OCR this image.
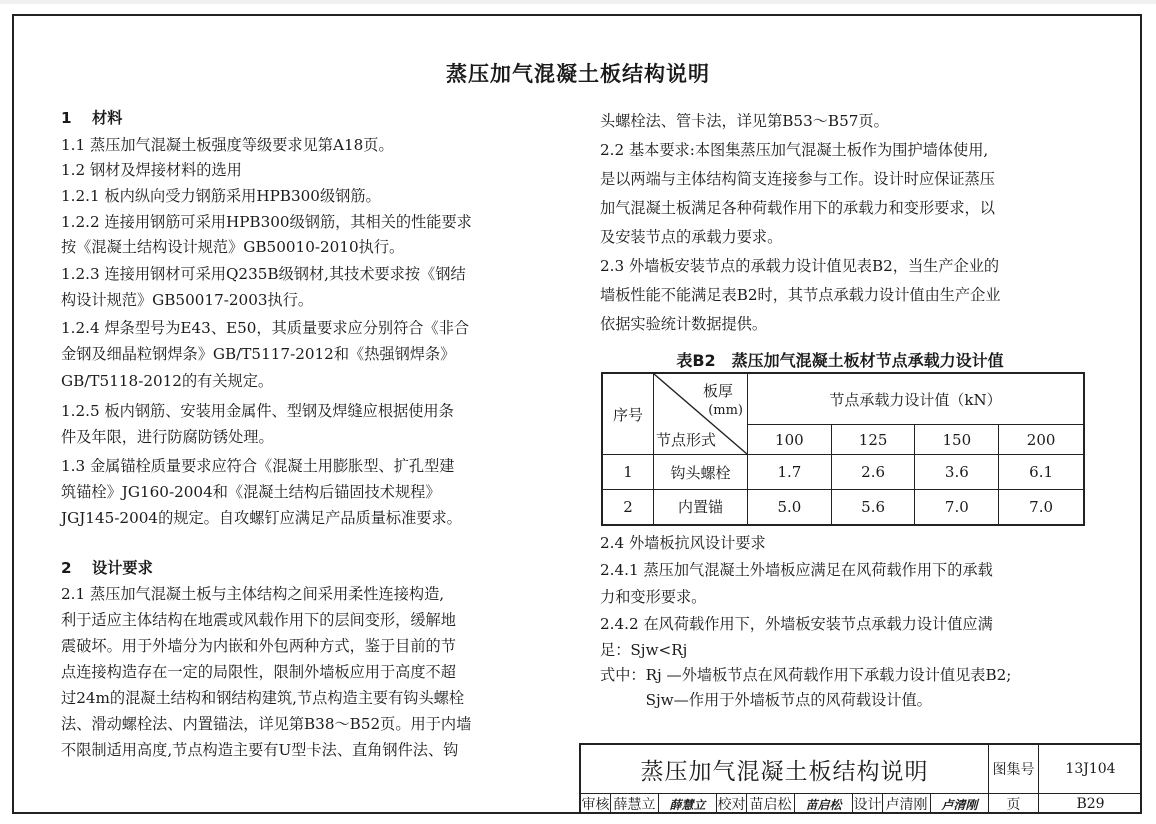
蒸压加气混凝土板结构说明
1　 材料
1.1 蒸压加气混凝土板强度等级要求见第A18页。
1.2 钢材及焊接材料的选用
1.2.1 板内纵向受力钢筋采用HPB300级钢筋。
1.2.2 连接用钢筋可采用HPB300级钢筋，其相关的性能要求
按《混凝土结构设计规范》GB50010-2010执行。
1.2.3 连接用钢材可采用Q235B级钢材,其技术要求按《钢结
构设计规范》GB50017-2003执行。
1.2.4 焊条型号为E43、E50，其质量要求应分别符合《非合
金钢及细晶粒钢焊条》GB/T5117-2012和《热强钢焊条》
GB/T5118-2012的有关规定。
1.2.5 板内钢筋、安装用金属件、型钢及焊缝应根据使用条
件及年限，进行防腐防锈处理。
1.3 金属锚栓质量要求应符合《混凝土用膨胀型、扩孔型建
筑锚栓》JG160-2004和《混凝土结构后锚固技术规程》
JGJ145-2004的规定。自攻螺钉应满足产品质量标准要求。
2　 设计要求
2.1 蒸压加气混凝土板与主体结构之间采用柔性连接构造,
利于适应主体结构在地震或风载作用下的层间变形，缓解地
震破坏。用于外墙分为内嵌和外包两种方式，鉴于目前的节
点连接构造存在一定的局限性，限制外墙板应用于高度不超
过24m的混凝土结构和钢结构建筑,节点构造主要有钩头螺栓
法、滑动螺栓法、内置锚法，详见第B38～B52页。用于内墙
不限制适用高度,节点构造主要有U型卡法、直角钢件法、钩
头螺栓法、管卡法，详见第B53～B57页。
2.2 基本要求:本图集蒸压加气混凝土板作为围护墙体使用,
是以两端与主体结构简支连接参与工作。设计时应保证蒸压
加气混凝土板满足各种荷载作用下的承载力和变形要求，以
及安装节点的承载力要求。
2.3 外墙板安装节点的承载力设计值见表B2，当生产企业的
墙板性能不能满足表B2时，其节点承载力设计值由生产企业
依据实验统计数据提供。
表B2　蒸压加气混凝土板材节点承载力设计值
序号	板厚
(mm)
节点形式	节点承载力设计值（kN）			
		100	125	150	200
1	钩头螺栓	1.7	2.6	3.6	6.1
2	内置锚	5.0	5.6	7.0	7.0
2.4 外墙板抗风设计要求
2.4.1 蒸压加气混凝土外墙板应满足在风荷载作用下的承载
力和变形要求。
2.4.2 在风荷载作用下，外墙板安装节点承载力设计值应满
足：Sjw<Rj
式中：Rj —外墙板节点在风荷载作用下承载力设计值见表B2;
　　　Sjw—作用于外墙板节点的风荷载设计值。
蒸压加气混凝土板结构说明	图集号	13J104
审核 薛慧立	薛慧立 校对 苗启松	苗启松 设计 卢清刚	卢清刚	页	B29
